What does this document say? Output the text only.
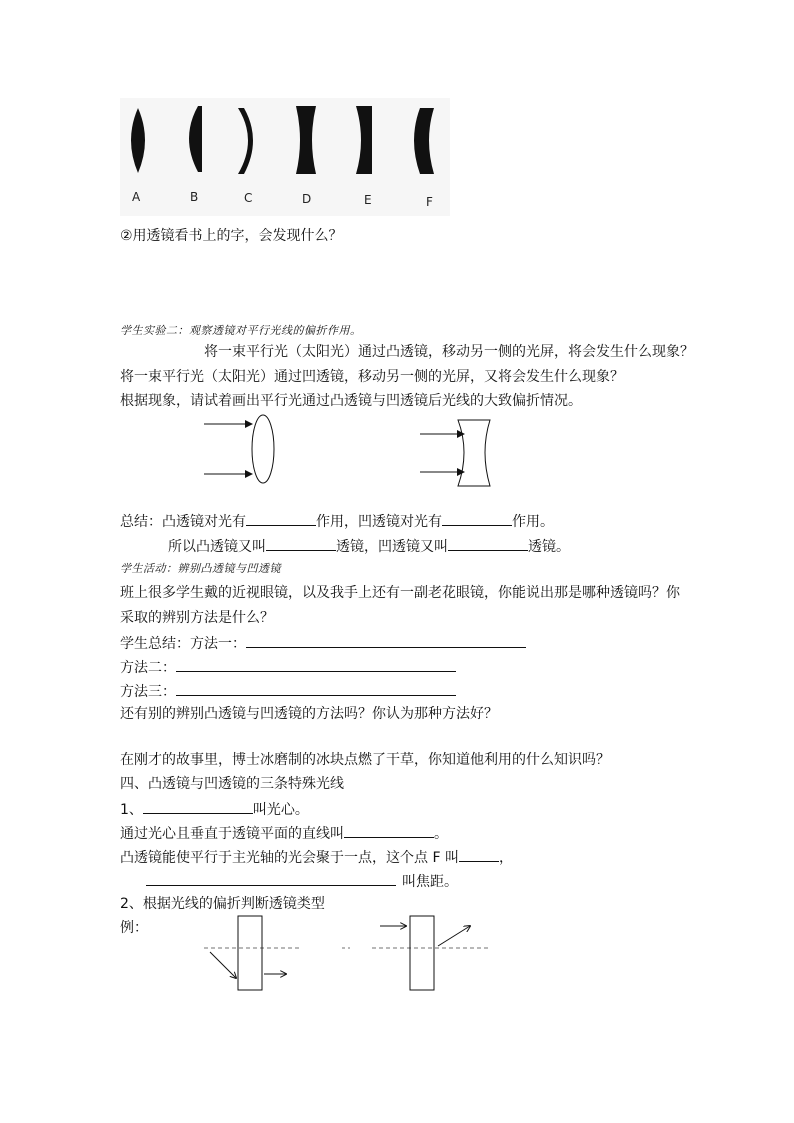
A	B	C	D	E	F
②用透镜看书上的字，会发现什么？
学生实验二：观察透镜对平行光线的偏折作用。
将一束平行光（太阳光）通过凸透镜，移动另一侧的光屏，将会发生什么现象？
将一束平行光（太阳光）通过凹透镜，移动另一侧的光屏，又将会发生什么现象？
根据现象，请试着画出平行光通过凸透镜与凹透镜后光线的大致偏折情况。
总结：凸透镜对光有	作用，凹透镜对光有	作用。
所以凸透镜又叫	透镜，凹透镜又叫	透镜。
学生活动：辨别凸透镜与凹透镜
班上很多学生戴的近视眼镜，以及我手上还有一副老花眼镜，你能说出那是哪种透镜吗？你
采取的辨别方法是什么？
学生总结：方法一：
方法二：
方法三：
还有别的辨别凸透镜与凹透镜的方法吗？你认为那种方法好？
在刚才的故事里，博士冰磨制的冰块点燃了干草，你知道他利用的什么知识吗？
四、凸透镜与凹透镜的三条特殊光线
1、	叫光心。
通过光心且垂直于透镜平面的直线叫	。
凸透镜能使平行于主光轴的光会聚于一点，这个点 F 叫	，
叫焦距。
2、根据光线的偏折判断透镜类型
例：
